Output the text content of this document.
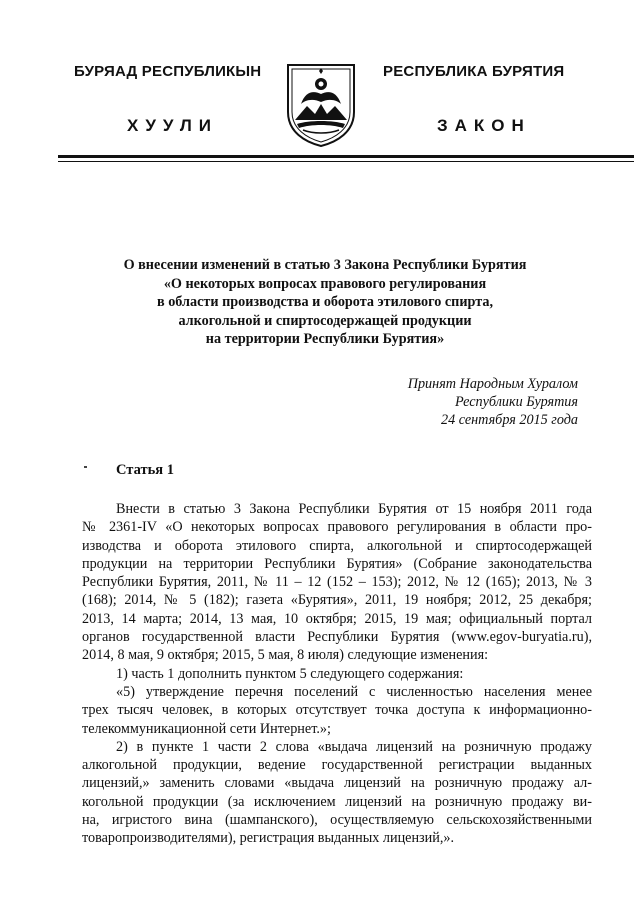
БУРЯАД РЕСПУБЛИКЫН	РЕСПУБЛИКА БУРЯТИЯ
ХУУЛИ	ЗАКОН
О внесении изменений в статью 3 Закона Республики Бурятия
«О некоторых вопросах правового регулирования
в области производства и оборота этилового спирта,
алкогольной и спиртосодержащей продукции
на территории Республики Бурятия»
Принят Народным Хуралом
Республики Бурятия
24 сентября 2015 года
Статья 1
Внести в статью 3 Закона Республики Бурятия от 15 ноября 2011 года
№ 2361-IV «О некоторых вопросах правового регулирования в области про-
изводства и оборота этилового спирта, алкогольной и спиртосодержащей
продукции на территории Республики Бурятия» (Собрание законодательства
Республики Бурятия, 2011, № 11 – 12 (152 – 153); 2012, № 12 (165); 2013, № 3
(168); 2014, № 5 (182); газета «Бурятия», 2011, 19 ноября; 2012, 25 декабря;
2013, 14 марта; 2014, 13 мая, 10 октября; 2015, 19 мая; официальный портал
органов государственной власти Республики Бурятия (www.egov-buryatia.ru),
2014, 8 мая, 9 октября; 2015, 5 мая, 8 июля) следующие изменения:
1) часть 1 дополнить пунктом 5 следующего содержания:
«5) утверждение перечня поселений с численностью населения менее
трех тысяч человек, в которых отсутствует точка доступа к информационно-
телекоммуникационной сети Интернет.»;
2) в пункте 1 части 2 слова «выдача лицензий на розничную продажу
алкогольной продукции, ведение государственной регистрации выданных
лицензий,» заменить словами «выдача лицензий на розничную продажу ал-
когольной продукции (за исключением лицензий на розничную продажу ви-
на, игристого вина (шампанского), осуществляемую сельскохозяйственными
товаропроизводителями), регистрация выданных лицензий,».
